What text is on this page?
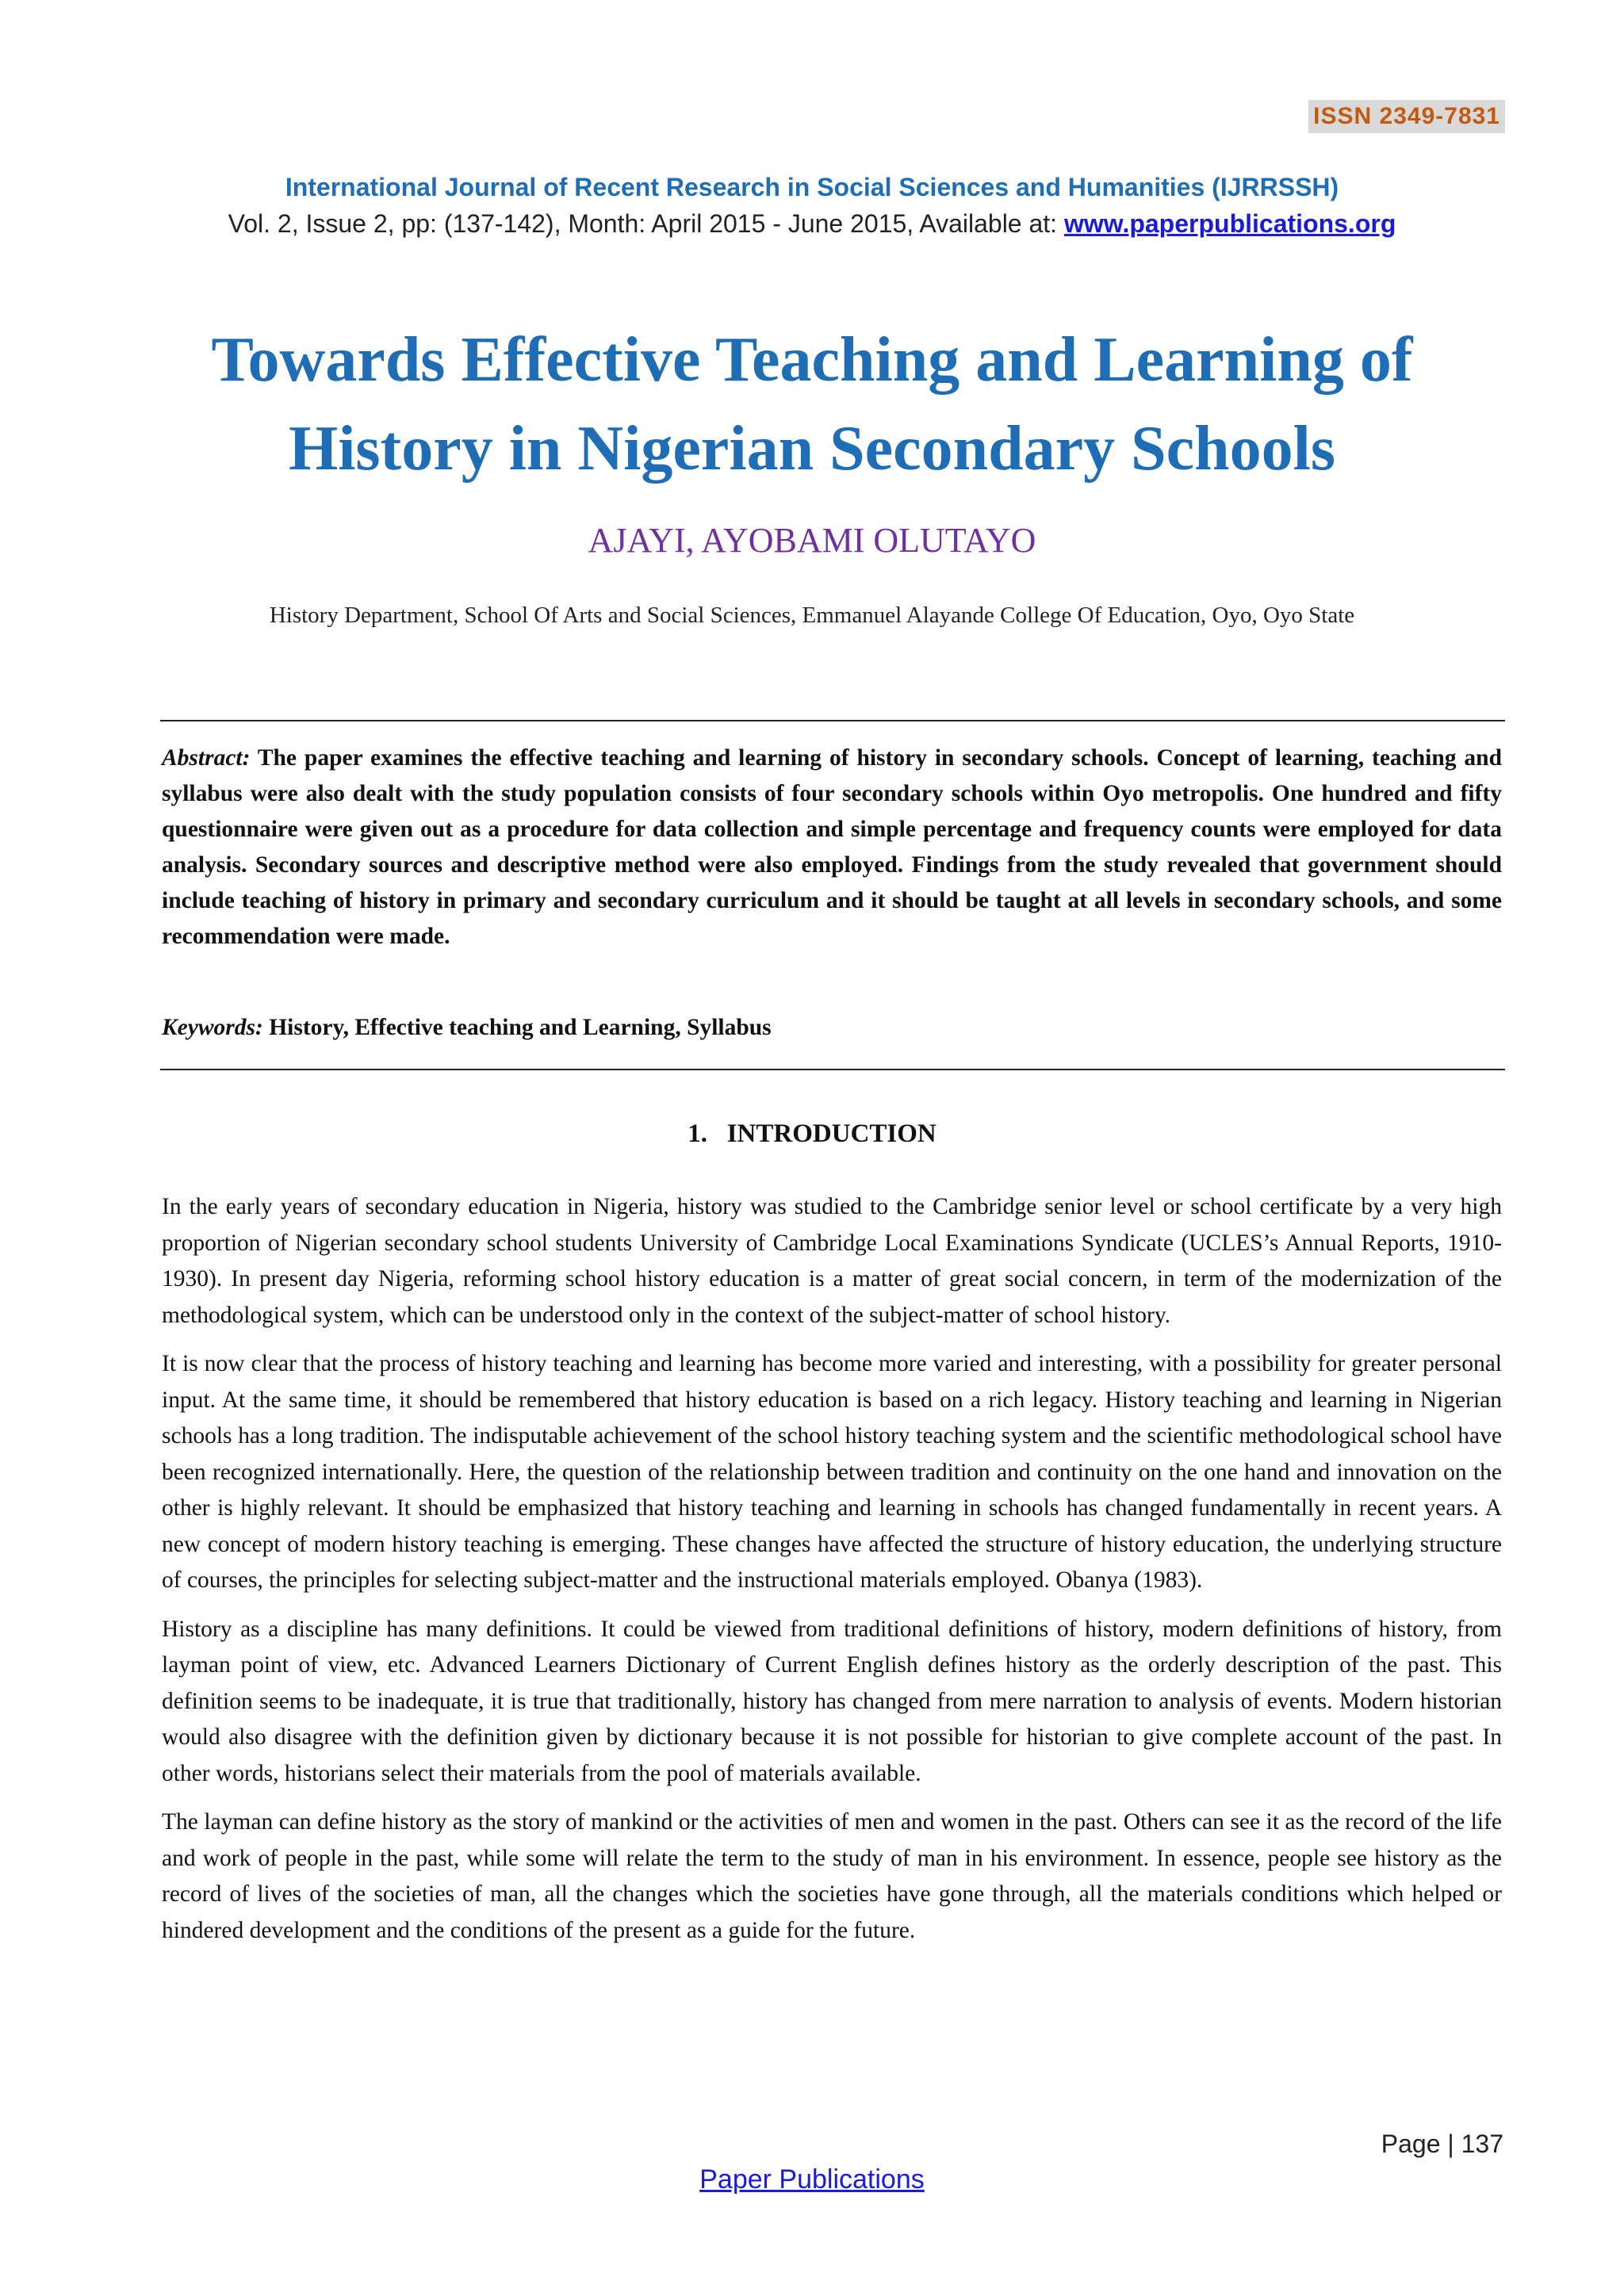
ISSN 2349-7831
International Journal of Recent Research in Social Sciences and Humanities (IJRRSSH)
Vol. 2, Issue 2, pp: (137-142), Month: April 2015 - June 2015, Available at: www.paperpublications.org
Towards Effective Teaching and Learning of
History in Nigerian Secondary Schools
AJAYI, AYOBAMI OLUTAYO
History Department, School Of Arts and Social Sciences, Emmanuel Alayande College Of Education, Oyo, Oyo State

Abstract: The paper examines the effective teaching and learning of history in secondary schools. Concept of learning, teaching and syllabus were also dealt with the study population consists of four secondary schools within Oyo metropolis. One hundred and fifty questionnaire were given out as a procedure for data collection and simple percentage and frequency counts were employed for data analysis. Secondary sources and descriptive method were also employed. Findings from the study revealed that government should include teaching of history in primary and secondary curriculum and it should be taught at all levels in secondary schools, and some recommendation were made.

Keywords: History, Effective teaching and Learning, Syllabus

1.   INTRODUCTION

In the early years of secondary education in Nigeria, history was studied to the Cambridge senior level or school certificate by a very high proportion of Nigerian secondary school students University of Cambridge Local Examinations Syndicate (UCLES’s Annual Reports, 1910-1930). In present day Nigeria, reforming school history education is a matter of great social concern, in term of the modernization of the methodological system, which can be understood only in the context of the subject-matter of school history.

It is now clear that the process of history teaching and learning has become more varied and interesting, with a possibility for greater personal input. At the same time, it should be remembered that history education is based on a rich legacy. History teaching and learning in Nigerian schools has a long tradition. The indisputable achievement of the school history teaching system and the scientific methodological school have been recognized internationally. Here, the question of the relationship between tradition and continuity on the one hand and innovation on the other is highly relevant. It should be emphasized that history teaching and learning in schools has changed fundamentally in recent years. A new concept of modern history teaching is emerging. These changes have affected the structure of history education, the underlying structure of courses, the principles for selecting subject-matter and the instructional materials employed. Obanya (1983).

History as a discipline has many definitions. It could be viewed from traditional definitions of history, modern definitions of history, from layman point of view, etc. Advanced Learners Dictionary of Current English defines history as the orderly description of the past. This definition seems to be inadequate, it is true that traditionally, history has changed from mere narration to analysis of events. Modern historian would also disagree with the definition given by dictionary because it is not possible for historian to give complete account of the past. In other words, historians select their materials from the pool of materials available.

The layman can define history as the story of mankind or the activities of men and women in the past. Others can see it as the record of the life and work of people in the past, while some will relate the term to the study of man in his environment. In essence, people see history as the record of lives of the societies of man, all the changes which the societies have gone through, all the materials conditions which helped or hindered development and the conditions of the present as a guide for the future.

Page | 137
Paper Publications
